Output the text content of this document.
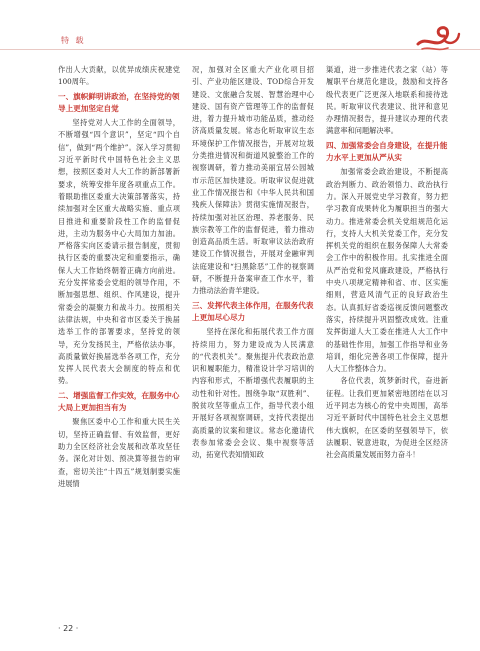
特 载

作出人大贡献，以优异成绩庆祝建党100周年。

一、旗帜鲜明讲政治，在坚持党的领导上更加坚定自觉

坚持党对人大工作的全面领导，不断增强“四个意识”，坚定“四个自信”，做到“两个维护”。深入学习贯彻习近平新时代中国特色社会主义思想，按照区委对人大工作的新部署新要求，统筹安排年度各项重点工作。着眼助推区委重大决策部署落实，持续加强对全区重大战略实施、重点项目推进和重要阶段性工作的监督促进，主动为服务中心大局加力加油。严格落实向区委请示报告制度，贯彻执行区委的重要决定和重要指示，确保人大工作始终朝着正确方向前进。充分发挥常委会党组的领导作用，不断加强思想、组织、作风建设，提升常委会的凝聚力和战斗力。按照相关法律法规，中央和省市区委关于换届选举工作的部署要求，坚持党的领导，充分发扬民主，严格依法办事，高质量做好换届选举各项工作，充分发挥人民代表大会制度的特点和优势。

二、增强监督工作实效，在服务中心大局上更加担当有为

聚焦区委中心工作和重大民生关切，坚持正确监督、有效监督，更好助力全区经济社会发展和改革攻坚任务。深化对计划、预决算等报告的审查，密切关注“十四五”规划制要实施进展情

况，加强对全区重大产业化项目招引、产业功能区建设、TOD综合开发建设、文旅融合发展、智慧治理中心建设、国有资产管理等工作的监督促进，着力提升城市功能品质，推动经济高质量发展。常态化听取审议生态环境保护工作情况报告，开展对垃圾分类推进情况和街道风貌整治工作的视察调研，着力推动美丽宜居公园城市示范区加快建设。听取审议促进就业工作情况报告和《中华人民共和国残疾人保障法》贯彻实施情况报告，持续加强对社区治理、养老服务、民族宗教等工作的监督促进，着力推动创造高品质生活。听取审议法治政府建设工作情况报告，开展对金融审判法庭建设和“扫黑除恶”工作的视察调研，不断提升备案审查工作水平，着力推动法治青羊建设。

三、发挥代表主体作用，在服务代表上更加尽心尽力

坚持在深化和拓展代表工作方面持续用力，努力建设成为人民满意的“代表机关”。聚焦提升代表政治意识和履职能力，精准设计学习培训的内容和形式，不断增强代表履职的主动性和针对性。围绕争取“双胜利”、脱贫攻坚等重点工作，指导代表小组开展好各项视察调研，支持代表提出高质量的议案和建议。常态化邀请代表参加常委会会议、集中视察等活动，拓宽代表知情知政

渠道，进一步推进代表之家（站）等履职平台规范化建设，鼓励和支持各级代表更广泛更深入地联系和接待选民。听取审议代表建议、批评和意见办理情况报告，提升建议办理的代表满意率和问题解决率。

四、加强常委会自身建设，在提升能力水平上更加从严从实

加强常委会政治建设，不断提高政治判断力、政治领悟力、政治执行力。深入开展党史学习教育，努力把学习教育成果转化为履职担当的强大动力。推进常委会机关党组规范化运行，支持人大机关党委工作，充分发挥机关党的组织在服务保障人大常委会工作中的积极作用。扎实推进全面从严治党和党风廉政建设，严格执行中央八项规定精神和省、市、区实施细则，营造风清气正的良好政治生态。认真抓好省委巡视反馈问题整改落实，持续提升巩固整改成效。注重发挥街道人大工委在推进人大工作中的基础性作用，加强工作指导和业务培训，细化完善各项工作保障，提升人大工作整体合力。

各位代表，筑梦新时代，奋进新征程。让我们更加紧密地团结在以习近平同志为核心的党中央周围，高举习近平新时代中国特色社会主义思想伟大旗帜，在区委的坚强领导下，依法履职、锐意进取，为促进全区经济社会高质量发展而努力奋斗！

· 22 ·
